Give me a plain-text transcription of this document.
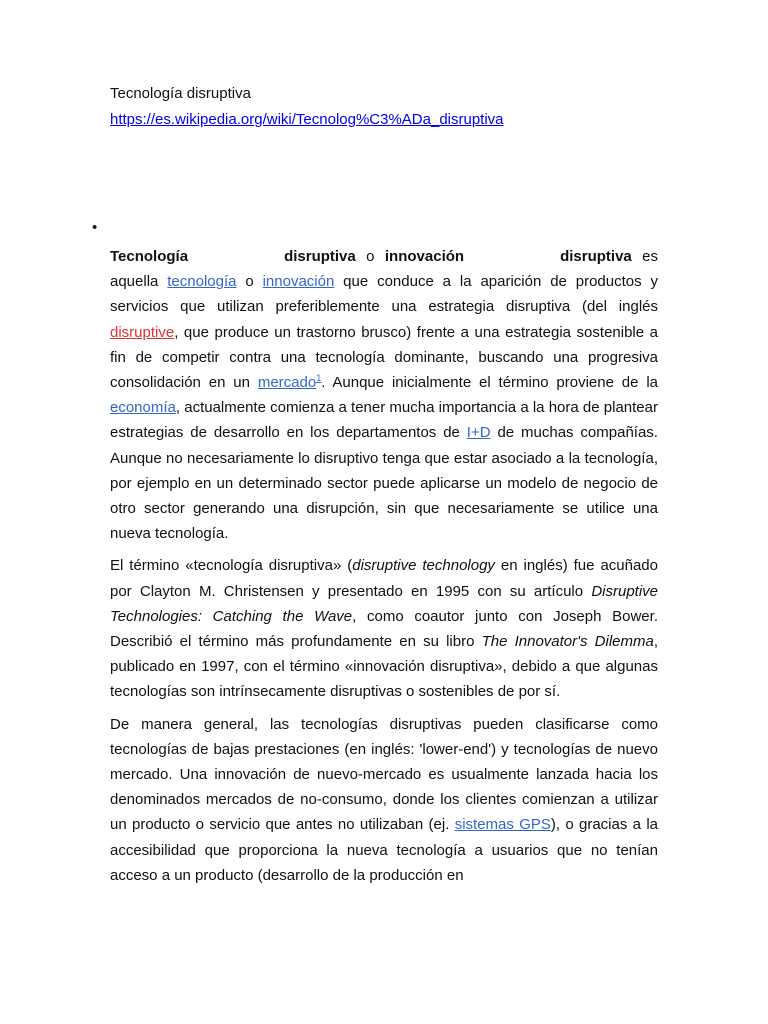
Tecnología disruptiva

https://es.wikipedia.org/wiki/Tecnolog%C3%ADa_disruptiva
•

Tecnología	disruptiva o innovación	disruptiva es aquella tecnología o innovación que conduce a la aparición de productos y servicios que utilizan preferiblemente una estrategia disruptiva (del inglés disruptive, que produce un trastorno brusco) frente a una estrategia sostenible a fin de competir contra una tecnología dominante, buscando una progresiva consolidación en un mercado$^1$. Aunque inicialmente el término proviene de la economía, actualmente comienza a tener mucha importancia a la hora de plantear estrategias de desarrollo en los departamentos de I+D de muchas compañías. Aunque no necesariamente lo disruptivo tenga que estar asociado a la tecnología, por ejemplo en un determinado sector puede aplicarse un modelo de negocio de otro sector generando una disrupción, sin que necesariamente se utilice una nueva tecnología.

El término «tecnología disruptiva» (disruptive technology en inglés) fue acuñado por Clayton M. Christensen y presentado en 1995 con su artículo Disruptive Technologies: Catching the Wave, como coautor junto con Joseph Bower. Describió el término más profundamente en su libro The Innovator's Dilemma, publicado en 1997, con el término «innovación disruptiva», debido a que algunas tecnologías son intrínsecamente disruptivas o sostenibles de por sí.

De manera general, las tecnologías disruptivas pueden clasificarse como tecnologías de bajas prestaciones (en inglés: 'lower-end') y tecnologías de nuevo mercado. Una innovación de nuevo-mercado es usualmente lanzada hacia los denominados mercados de no-consumo, donde los clientes comienzan a utilizar un producto o servicio que antes no utilizaban (ej. sistemas GPS), o gracias a la accesibilidad que proporciona la nueva tecnología a usuarios que no tenían acceso a un producto (desarrollo de la producción en
